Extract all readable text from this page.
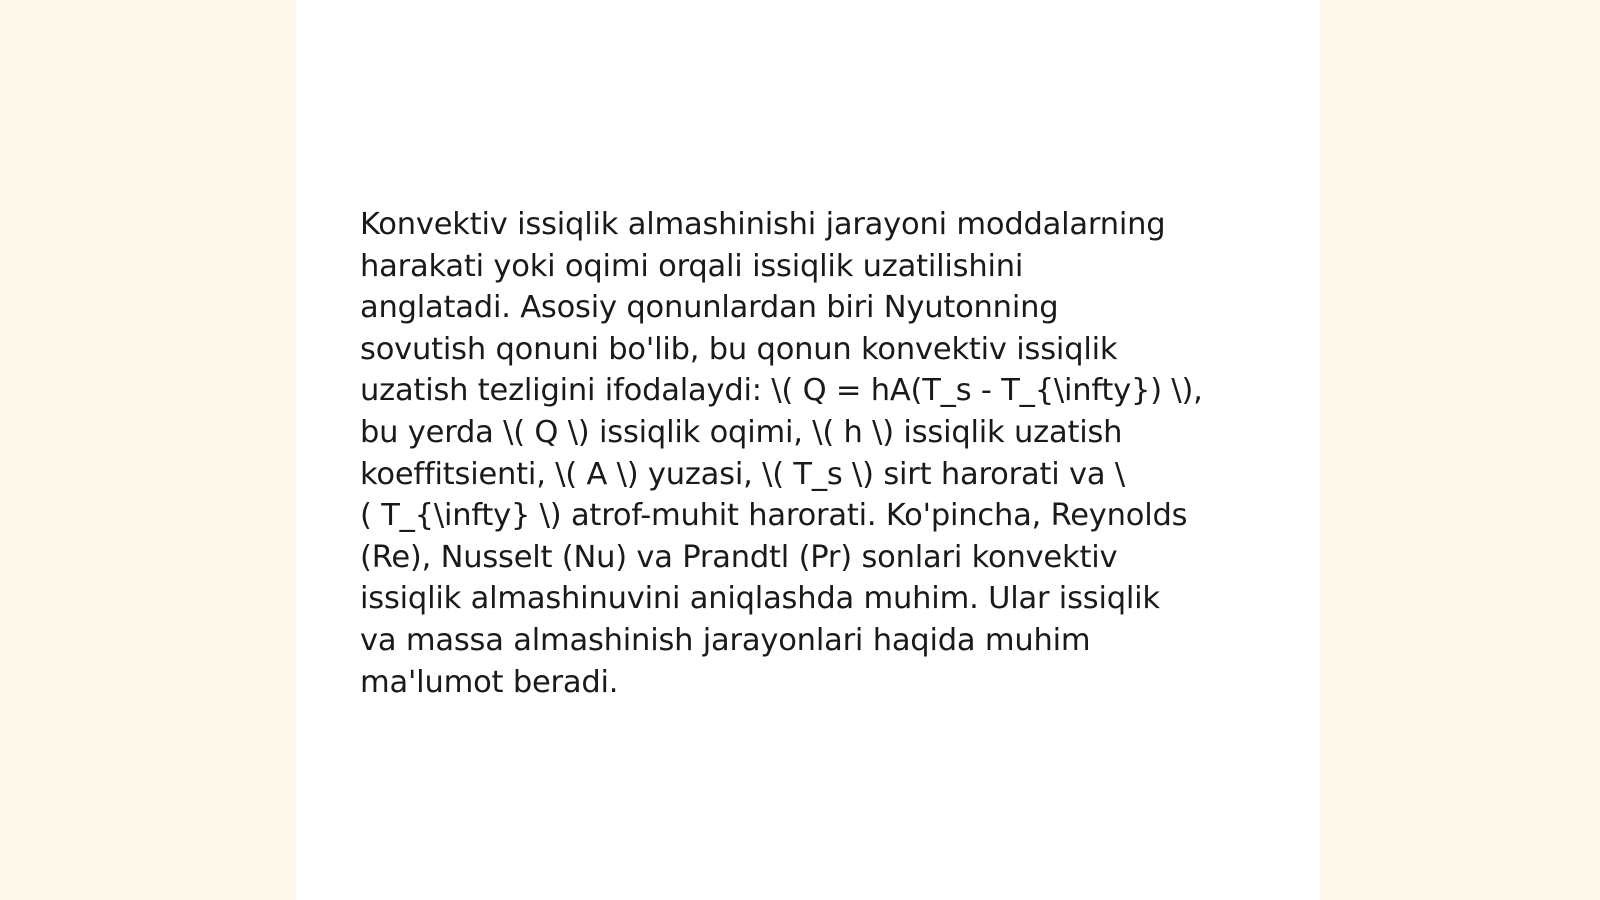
Konvektiv issiqlik almashinishi jarayoni moddalarning
harakati yoki oqimi orqali issiqlik uzatilishini
anglatadi. Asosiy qonunlardan biri Nyutonning
sovutish qonuni bo'lib, bu qonun konvektiv issiqlik
uzatish tezligini ifodalaydi: \( Q = hA(T_s - T_{\infty}) \),
bu yerda \( Q \) issiqlik oqimi, \( h \) issiqlik uzatish
koeffitsienti, \( A \) yuzasi, \( T_s \) sirt harorati va \
( T_{\infty} \) atrof-muhit harorati. Ko'pincha, Reynolds
(Re), Nusselt (Nu) va Prandtl (Pr) sonlari konvektiv
issiqlik almashinuvini aniqlashda muhim. Ular issiqlik
va massa almashinish jarayonlari haqida muhim
ma'lumot beradi.
